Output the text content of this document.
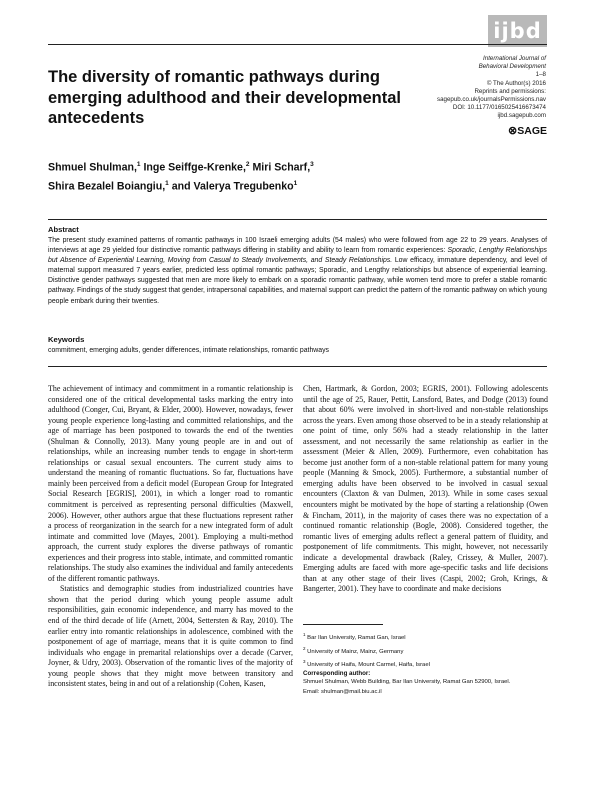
ijbd
The diversity of romantic pathways during emerging adulthood and their developmental antecedents
International Journal of
Behavioral Development
1–8
© The Author(s) 2016
Reprints and permissions:
sagepub.co.uk/journalsPermissions.nav
DOI: 10.1177/0165025416673474
ijbd.sagepub.com
⊗SAGE
Shmuel Shulman,$^1$ Inge Seiffge-Krenke,$^2$ Miri Scharf,$^3$
Shira Bezalel Boiangiu,$^1$ and Valerya Tregubenko$^1$
Abstract
The present study examined patterns of romantic pathways in 100 Israeli emerging adults (54 males) who were followed from age 22 to 29 years. Analyses of interviews at age 29 yielded four distinctive romantic pathways differing in stability and ability to learn from romantic experiences: Sporadic, Lengthy Relationships but Absence of Experiential Learning, Moving from Casual to Steady Involvements, and Steady Relationships. Low efficacy, immature dependency, and level of maternal support measured 7 years earlier, predicted less optimal romantic pathways; Sporadic, and Lengthy relationships but absence of experiential learning. Distinctive gender pathways suggested that men are more likely to embark on a sporadic romantic pathway, while women tend more to prefer a stable romantic pathway. Findings of the study suggest that gender, intrapersonal capabilities, and maternal support can predict the pattern of the romantic pathway on which young people embark during their twenties.
Keywords
commitment, emerging adults, gender differences, intimate relationships, romantic pathways

The achievement of intimacy and commitment in a romantic relationship is considered one of the critical developmental tasks marking the entry into adulthood (Conger, Cui, Bryant, & Elder, 2000). However, nowadays, fewer young people experience long-lasting and committed relationships, and the age of marriage has been postponed to towards the end of the twenties (Shulman & Connolly, 2013). Many young people are in and out of relationships, while an increasing number tends to engage in short-term relationships or casual sexual encounters. The current study aims to understand the meaning of romantic fluctuations. So far, fluctuations have mainly been perceived from a deficit model (European Group for Integrated Social Research [EGRIS], 2001), in which a longer road to romantic commitment is perceived as representing personal difficulties (Maxwell, 2006). However, other authors argue that these fluctuations represent rather a process of reorganization in the search for a new integrated form of adult intimate and committed love (Mayes, 2001). Employing a multi-method approach, the current study explores the diverse pathways of romantic experiences and their progress into stable, intimate, and committed romantic relationships. The study also examines the individual and family antecedents of the different romantic pathways.

Statistics and demographic studies from industrialized countries have shown that the period during which young people assume adult responsibilities, gain economic independence, and marry has moved to the end of the third decade of life (Arnett, 2004, Settersten & Ray, 2010). The earlier entry into romantic relationships in adolescence, combined with the postponement of age of marriage, means that it is quite common to find individuals who engage in premarital relationships over a decade (Carver, Joyner, & Udry, 2003). Observation of the romantic lives of the majority of young people shows that they might move between transitory and inconsistent states, being in and out of a relationship (Cohen, Kasen,

Chen, Hartmark, & Gordon, 2003; EGRIS, 2001). Following adolescents until the age of 25, Rauer, Pettit, Lansford, Bates, and Dodge (2013) found that about 60% were involved in short-lived and non-stable relationships across the years. Even among those observed to be in a steady relationship at one point of time, only 56% had a steady relationship in the latter assessment, and not necessarily the same relationship as earlier in the assessment (Meier & Allen, 2009). Furthermore, even cohabitation has become just another form of a non-stable relational pattern for many young people (Manning & Smock, 2005). Furthermore, a substantial number of emerging adults have been observed to be involved in casual sexual encounters (Claxton & van Dulmen, 2013). While in some cases sexual encounters might be motivated by the hope of starting a relationship (Owen & Fincham, 2011), in the majority of cases there was no expectation of a continued romantic relationship (Bogle, 2008). Considered together, the romantic lives of emerging adults reflect a general pattern of fluidity, and postponement of life commitments. This might, however, not necessarily indicate a developmental drawback (Raley, Crissey, & Muller, 2007). Emerging adults are faced with more age-specific tasks and life decisions than at any other stage of their lives (Caspi, 2002; Groh, Krings, & Bangerter, 2001). They have to coordinate and make decisions

$^1$ Bar Ilan University, Ramat Gan, Israel
$^2$ University of Mainz, Mainz, Germany
$^3$ University of Haifa, Mount Carmel, Haifa, Israel
Corresponding author:
Shmuel Shulman, Webb Building, Bar Ilan University, Ramat Gan 52900, Israel.
Email: shulman@mail.biu.ac.il
